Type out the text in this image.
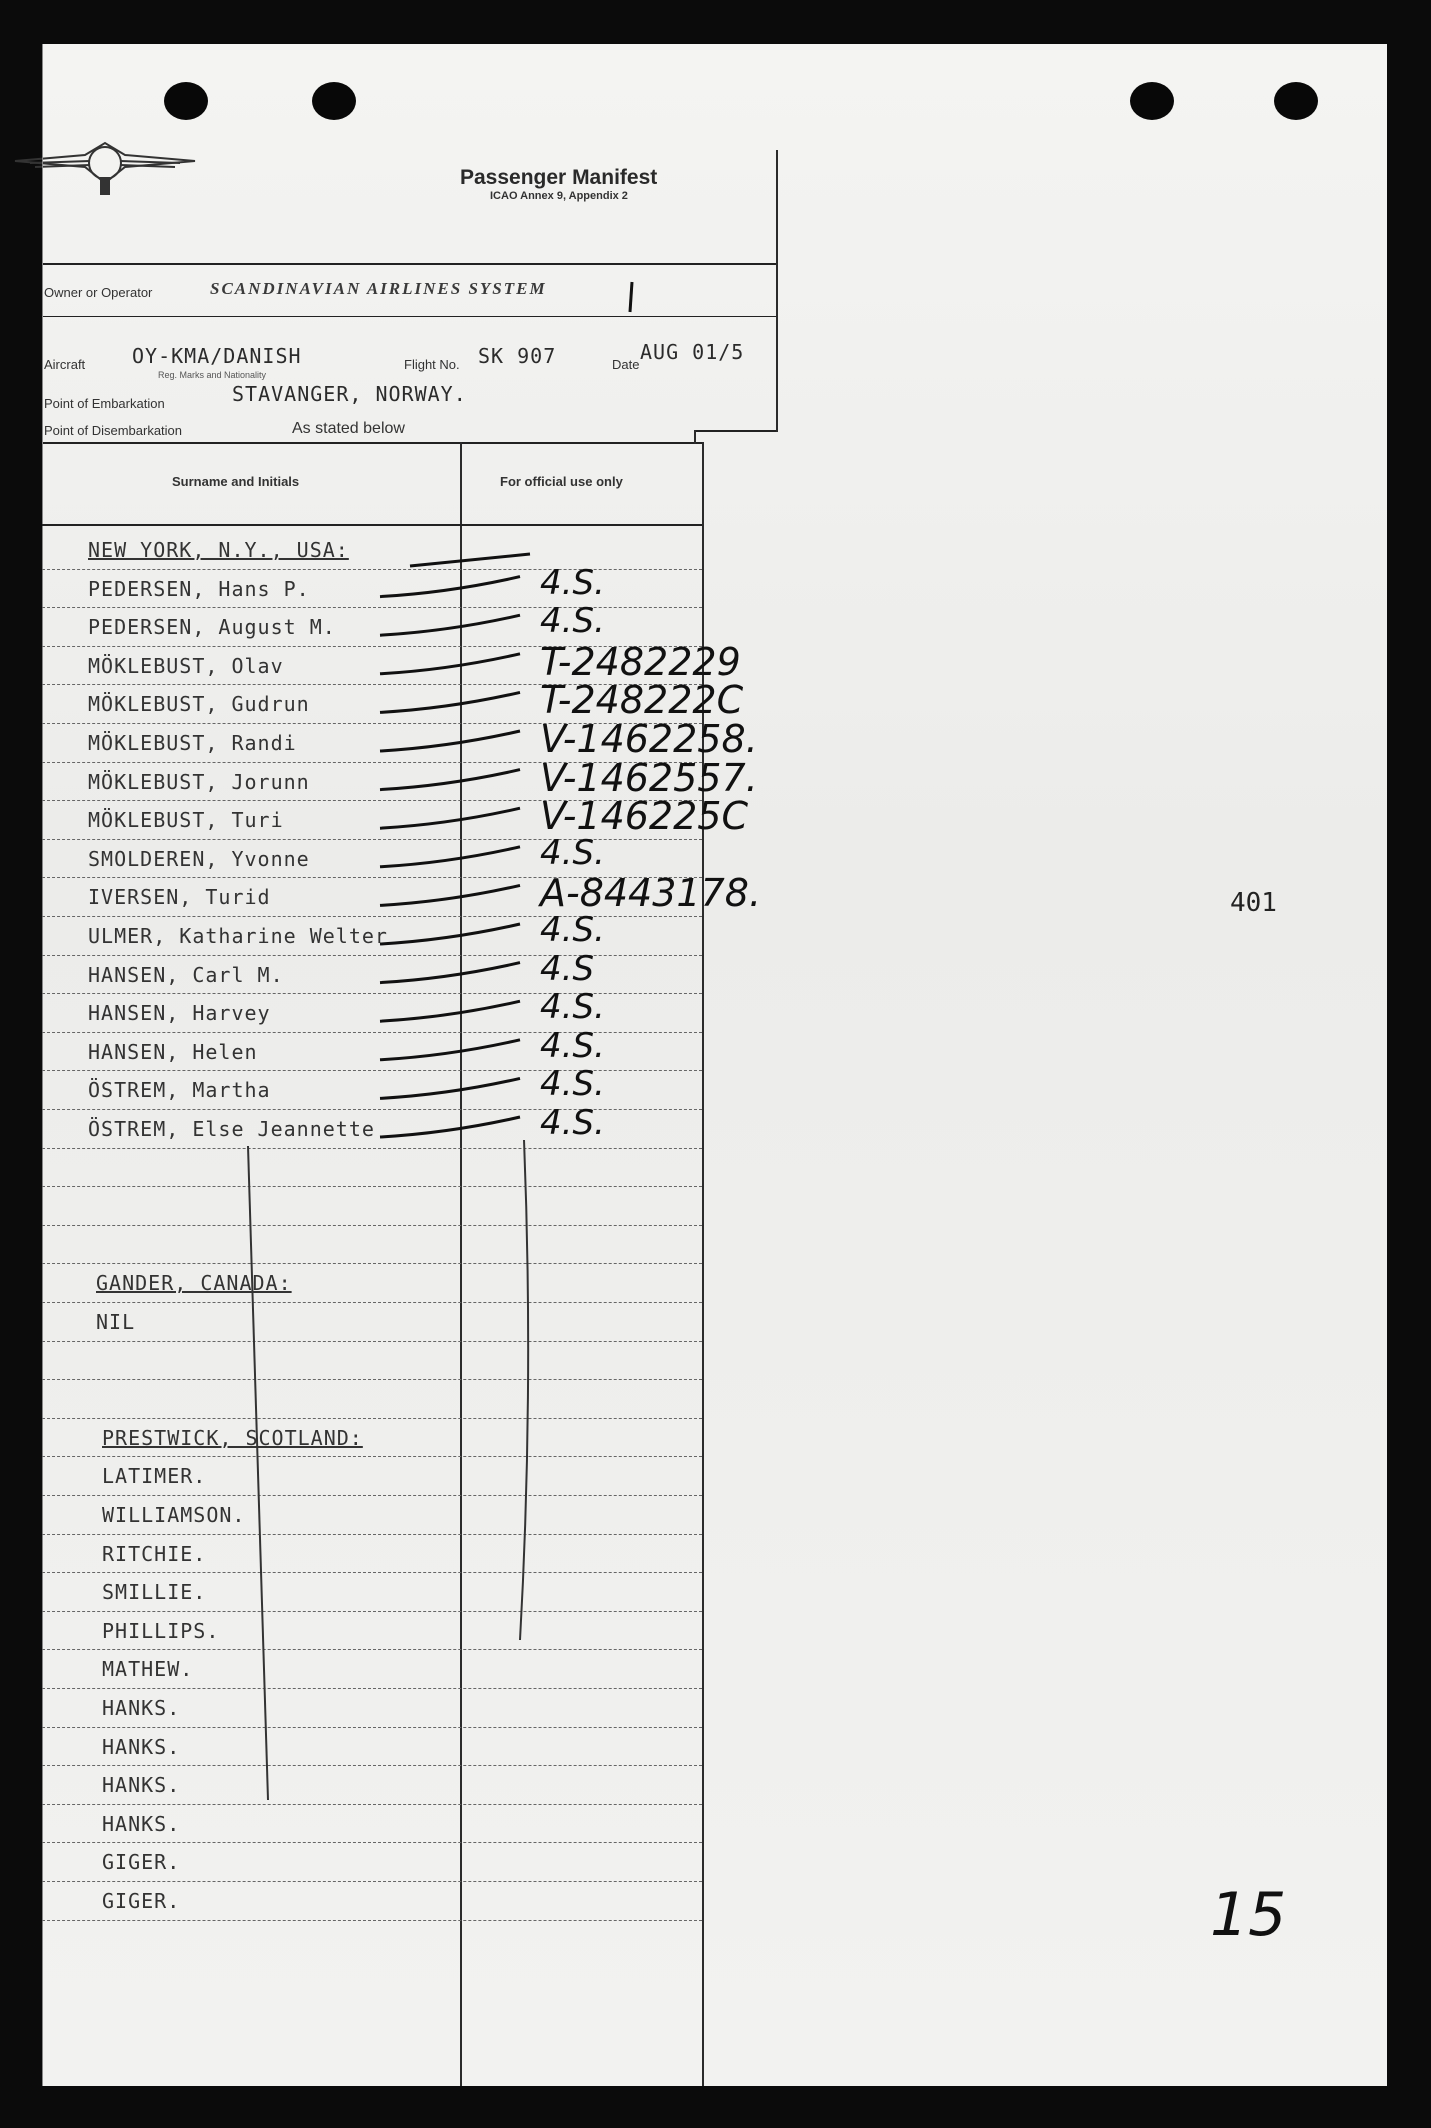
Passenger Manifest
ICAO Annex 9, Appendix 2
Owner or Operator	SCANDINAVIAN AIRLINES SYSTEM
Aircraft OY-KMA/DANISH
Reg. Marks and Nationality
Flight No. SK 907	Date
AUG 01/5
Point of Embarkation	STAVANGER, NORWAY.
Point of Disembarkation	As stated below
Surname and Initials	For official use only
NEW YORK, N.Y., USA:
PEDERSEN, Hans P.	4.S.
PEDERSEN, August M.	4.S.
MÖKLEBUST, Olav	T-2482229
MÖKLEBUST, Gudrun	T-248222C
MÖKLEBUST, Randi	V-1462258.
MÖKLEBUST, Jorunn	V-1462557.
MÖKLEBUST, Turi	V-146225C
SMOLDEREN, Yvonne	4.S.
IVERSEN, Turid	A-8443178.
ULMER, Katharine Welter	4.S.
HANSEN, Carl M.	4.S
HANSEN, Harvey	4.S.
HANSEN, Helen	4.S.
ÖSTREM, Martha	4.S.
ÖSTREM, Else Jeannette	4.S.
GANDER, CANADA:
NIL
PRESTWICK, SCOTLAND:
LATIMER.
WILLIAMSON.
RITCHIE.
SMILLIE.
PHILLIPS.
MATHEW.
HANKS.
HANKS.
HANKS.
HANKS.
GIGER.
GIGER.
401
15
